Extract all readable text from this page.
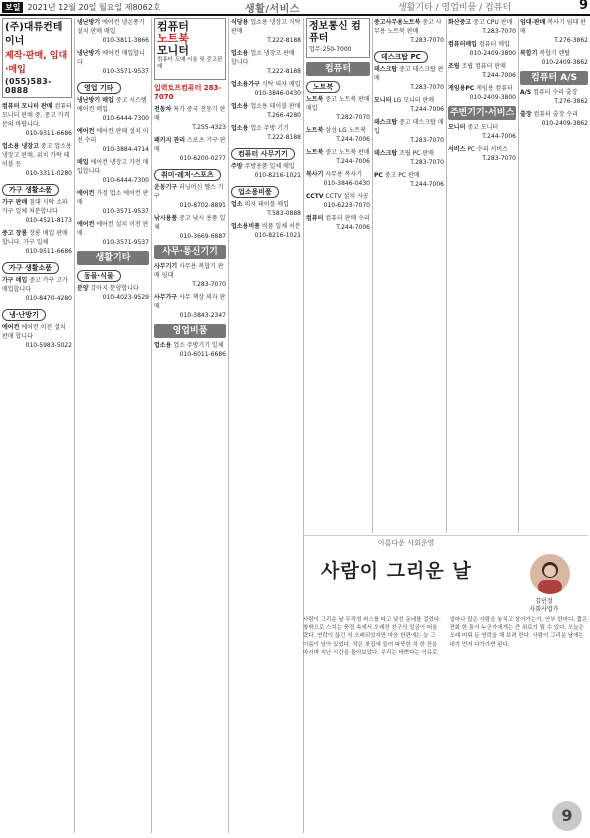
보일 2021년 12월 20일 월요일 제8062호	생활/서비스	생활기타 / 영업비품 / 컴퓨터	9
(주)대류컨테이너
제작·판매, 임대·매입
(055)583-0888
컴퓨터 모니터 판매 컴퓨터 모니터 판매 중. 중고 가격 문의 바랍니다.
010-9311-6686
업소용 냉장고 중고 업소용 냉장고 판매, 위치 가락 테이블 등
010-3311-0280
가구 생활소품
가구 판매 침대 식탁 소파 가구 일체 처분합니다
010-4521-8173
중고 장롱 장롱 매입 판매 합니다. 가구 일체
010-9511-6686
가구 생활소품
가구 매입 중고 가구 고가 매입합니다
010-8470-4280
냉·난방기
에어컨 에어컨 이전 설치 판매 합니다
010-5983-5022
냉난방기 에어컨 냉온풍기 설치 판매 매입
010-3811-3866
냉난방기 에어컨 매입합니다
010-3571-9537
영업 기타
냉난방기 매입 중고 시스템 에어컨 매입
010-6444-7300
에어컨 에어컨 판매 설치 이전 수리
010-3884-4714
매입 에어컨 냉장고 가전 매입합니다
010-6444-7300
에어컨 가정 업소 에어컨 판매
010-3571-9537
에어컨 에어컨 설치 이전 판매
010-3571-9537
생활기타
동물·식물
분양 강아지 분양합니다
010-4023-9529
컴퓨터
노트북
모니터
컴퓨터 도매 서울 및 중고판매
입력토프컴퓨터 283-7070
전동차 특가 중국 전동기 판매
T.255-4323
패키지 관리 스포츠 기구 판매
010-6200-0277
취미·레저·스포츠
운동기구 러닝머신 헬스 기구
010-8702-8891
낚시용품 중고 낚시 용품 일체
010-3669-6887
사무·통신기기
사무기기 사무용 복합기 판매 임대
T.283-7070
사무가구 사무 책상 의자 판매
010-3843-2347
영업비품
업소용 업소 주방기기 일체
010-6011-6686
식당용 업소용 냉장고 식탁 판매
T.222-8188
업소용 업소 냉장고 판매 합니다
T.222-8188
업소용가구 식탁 의자 매입
010-3846-0430
업소용 업소용 테이블 판매
T.266-4280
업소용 업소 주방 기기
T.222-8188
컴퓨터 사무기기
주방 주방용품 일체 매입
010-8216-1021
업소용비품
업소 의자 테이블 매입
T.583-0888
업소용비품 비품 일체 처분
010-8216-1021
정보통신 컴퓨터
업무:250-7000
컴퓨터
노트북
노트북 중고 노트북 판매 매입
T.282-7070
노트북 삼성 LG 노트북
T.244-7006
노트북 중고 노트북 판매
T.244-7006
복사기 사무용 복사기
010-3846-0430
CCTV CCTV 설치 시공
010-6223-7070
컴퓨터 컴퓨터 판매 수리
T.244-7006
중고사무용노트북 중고 사무용 노트북 판매
T.283-7070
데스크탑 PC
데스크탑 중고 데스크탑 판매
T.283-7070
모니터 LG 모니터 판매
T.244-7006
데스크탑 중고 데스크탑 매입
T.283-7070
데스크탑 조립 PC 판매
T.283-7070
PC 중고 PC 판매
T.244-7006
화산중고 중고 CPU 판매
T.283-7070
컴퓨터매입 컴퓨터 매입
010-2409-3800
조립 조립 컴퓨터 판매
T.244-7006
게임용PC 게임용 컴퓨터
010-2409-3800
주변기기·서비스
모니터 중고 모니터
T.244-7006
서비스 PC 수리 서비스
T.283-7070
임대·판매 복사기 임대 판매
T.276-3862
복합기 복합기 렌탈
010-2409-3862
컴퓨터 A/S
A/S 컴퓨터 수리 출장
T.276-3862
출장 컴퓨터 출장 수리
010-2409-3862
아름다운 사회운영
사람이 그리운 날
김인정
사회사업가
사람이 그리운 날 무작정 버스를 타고 낯선 동네를 걸었다. 창밖으로 스치는 풍경 속에서 오래전 친구의 얼굴이 떠올랐다. 연락이 끊긴 지 오래되었지만 마음 한편에는 늘 그 이름이 남아 있었다. 작은 찻집에 들러 따뜻한 차 한 잔을 마시며 지난 시간을 돌아보았다. 우리는 바쁘다는 이유로 얼마나 많은 사람을 놓치고 살아가는가. 안부 한마디, 짧은 전화 한 통이 누군가에게는 큰 위로가 될 수 있다. 오늘은 오래 미뤄 둔 연락을 해 보려 한다. 사람이 그리운 날에는 내가 먼저 다가가면 된다.
9
